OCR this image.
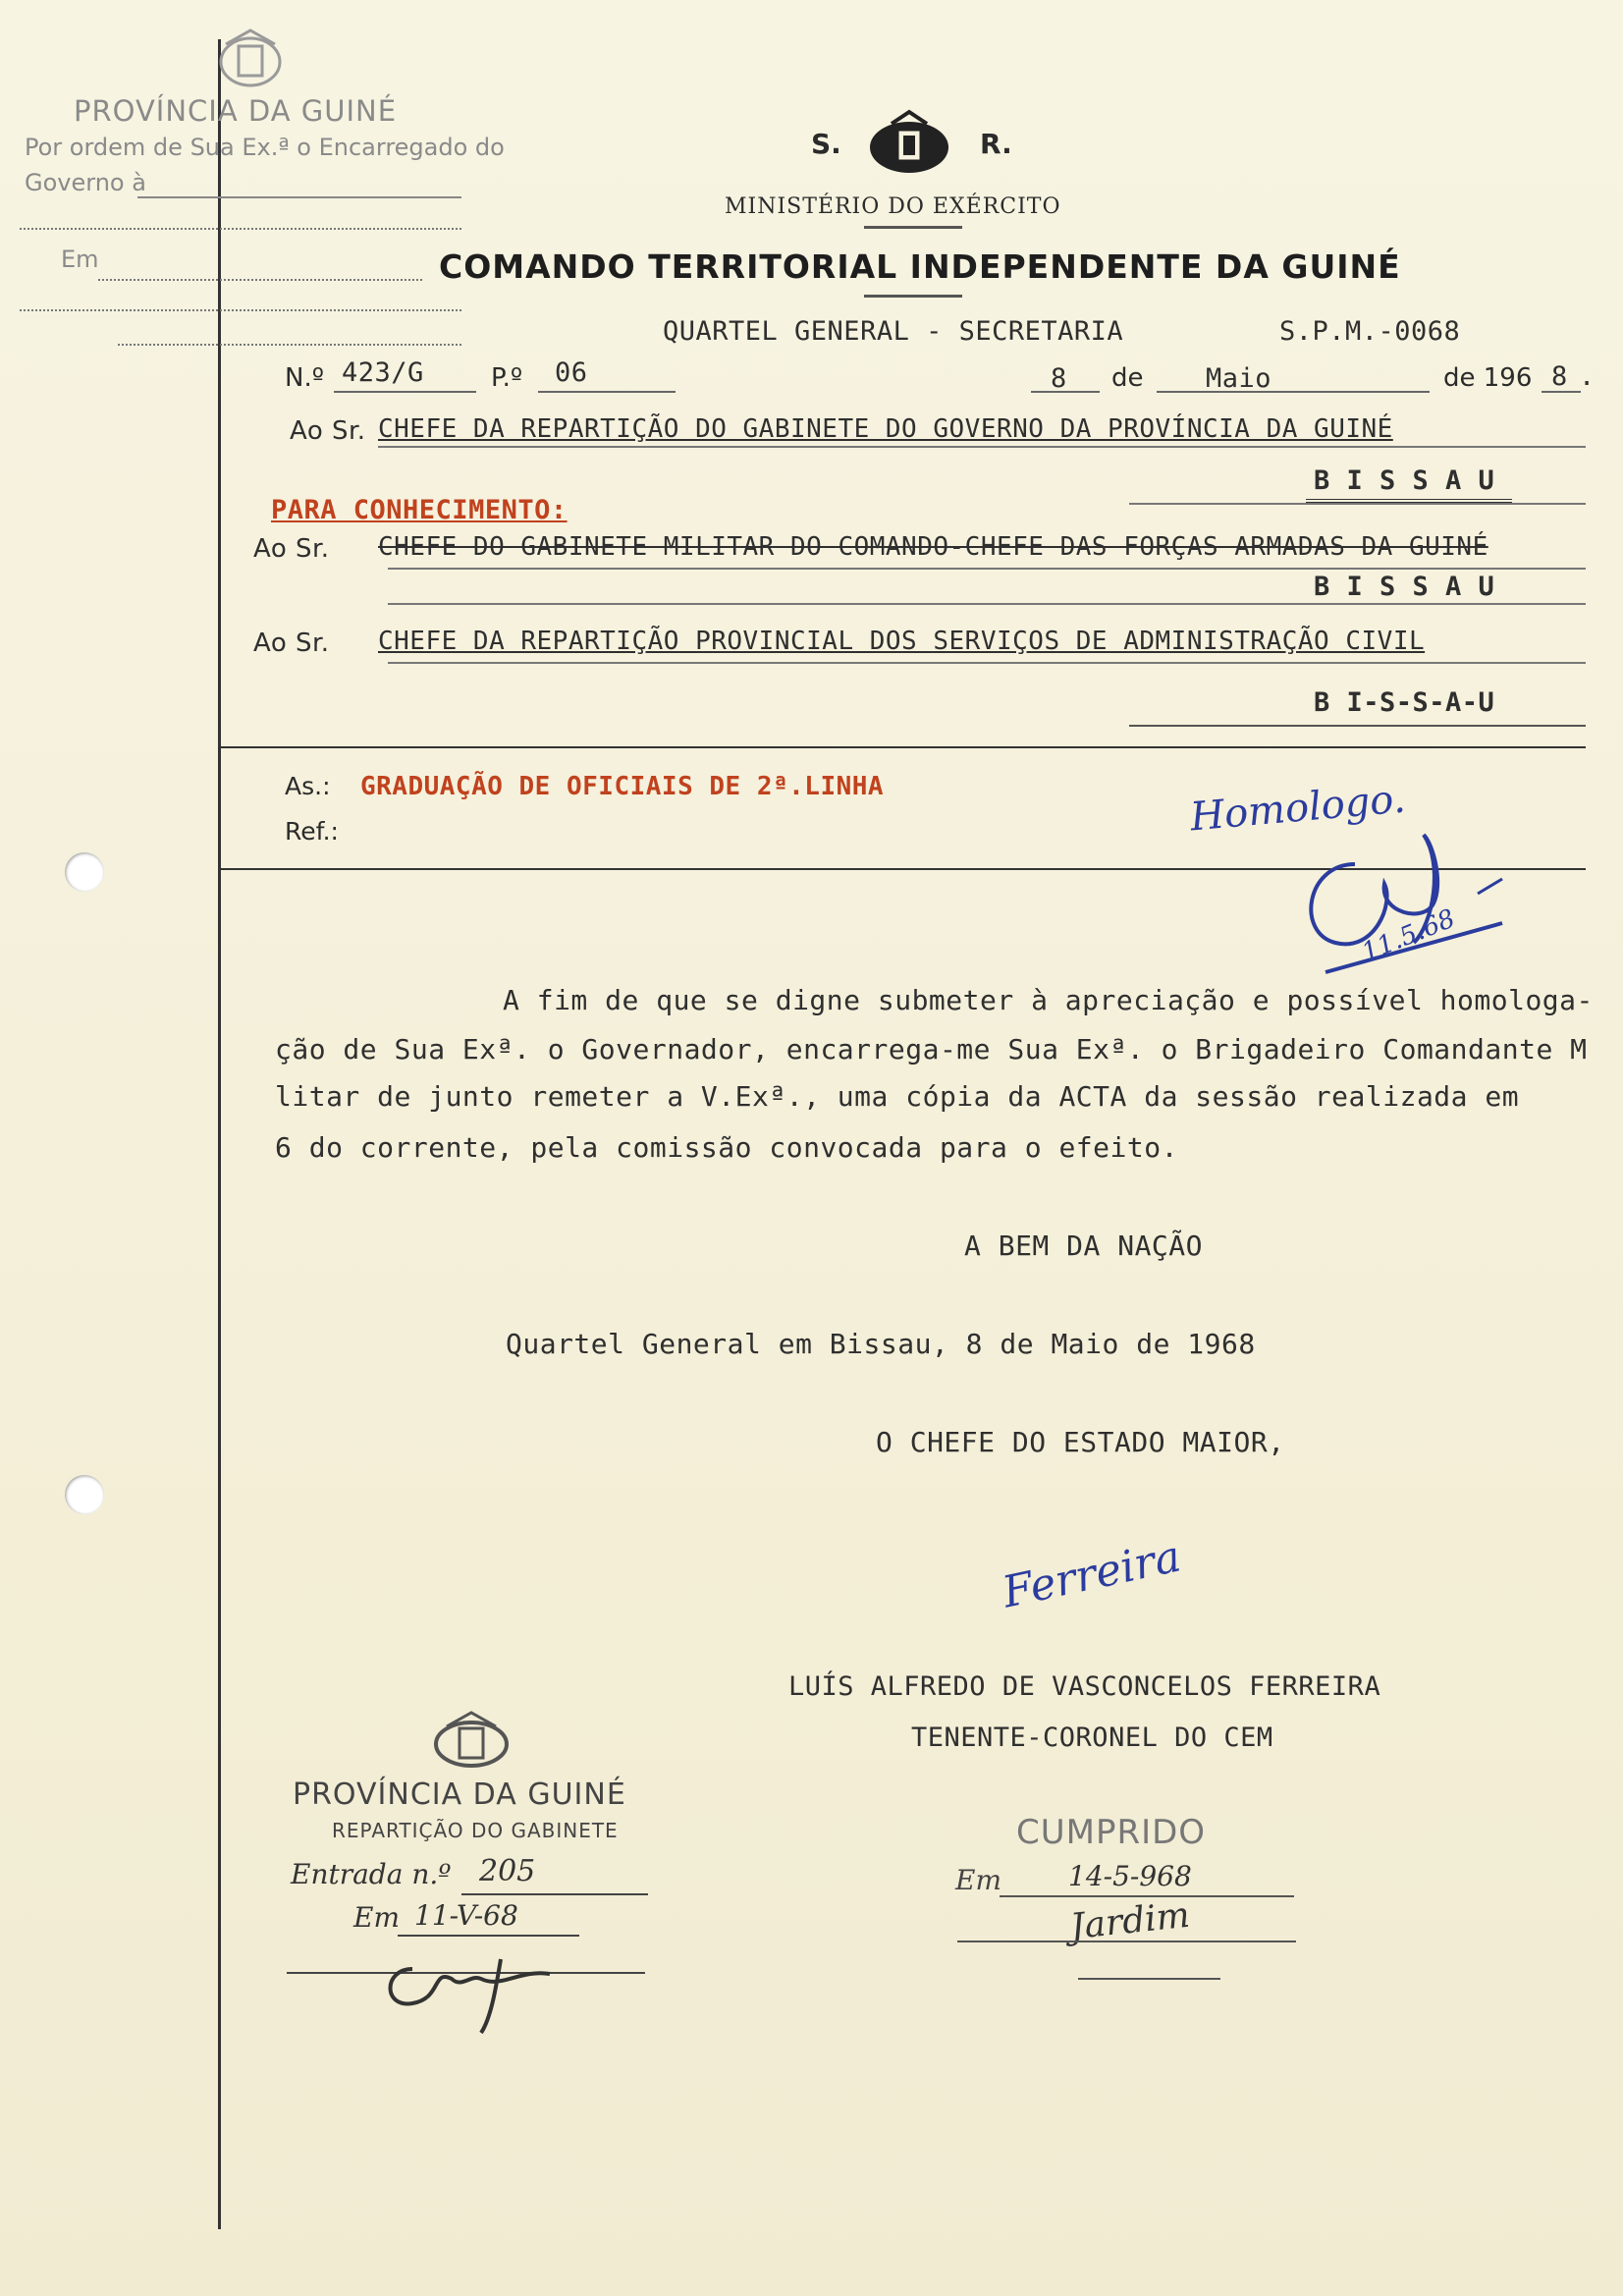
PROVÍNCIA DA GUINÉ
Por ordem de Sua Ex.ª o Encarregado do
Governo à
Em
S.	R.
MINISTÉRIO DO EXÉRCITO
COMANDO TERRITORIAL INDEPENDENTE DA GUINÉ
QUARTEL GENERAL - SECRETARIA	S.P.M.-0068
N.º 423/G	P.º 06	8 de Maio	de 196 8 .
Ao Sr. CHEFE DA REPARTIÇÃO DO GABINETE DO GOVERNO DA PROVÍNCIA DA GUINÉ
B I S S A U
PARA CONHECIMENTO:
Ao Sr. CHEFE DO GABINETE MILITAR DO COMANDO-CHEFE DAS FORÇAS ARMADAS DA GUINÉ
B I S S A U
Ao Sr. CHEFE DA REPARTIÇÃO PROVINCIAL DOS SERVIÇOS DE ADMINISTRAÇÃO CIVIL
B I-S-S-A-U
As.: GRADUAÇÃO DE OFICIAIS DE 2ª.LINHA
Ref.:	Homologo.
11.5.68
A fim de que se digne submeter à apreciação e possível homologa-
ção de Sua Exª. o Governador, encarrega-me Sua Exª. o Brigadeiro Comandante M
litar de junto remeter a V.Exª., uma cópia da ACTA da sessão realizada em
6 do corrente, pela comissão convocada para o efeito.
A BEM DA NAÇÃO
Quartel General em Bissau, 8 de Maio de 1968
O CHEFE DO ESTADO MAIOR,
Ferreira
LUÍS ALFREDO DE VASCONCELOS FERREIRA
TENENTE-CORONEL DO CEM
PROVÍNCIA DA GUINÉ
REPARTIÇÃO DO GABINETE
Entrada n.º 205
Em 11-V-68
CUMPRIDO
Em 14-5-968
Jardim
